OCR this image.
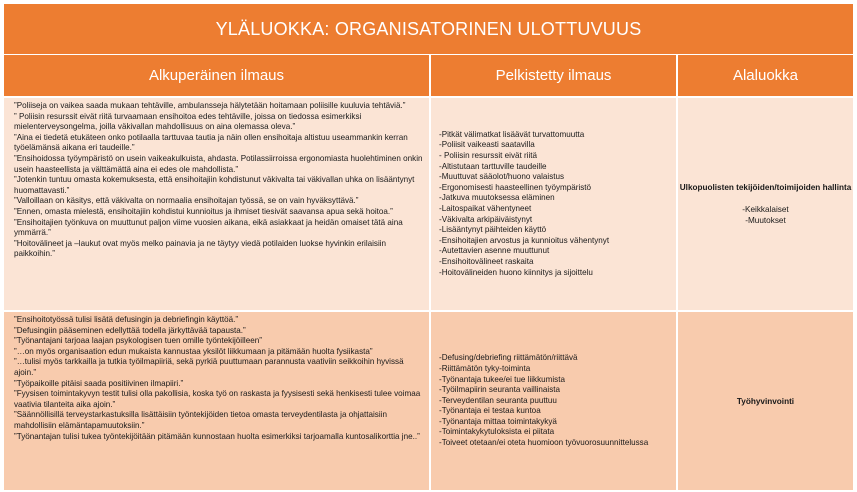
YLÄLUOKKA: ORGANISATORINEN ULOTTUVUUS
Alkuperäinen ilmaus	Pelkistetty ilmaus	Alaluokka

”Poliiseja on vaikea saada mukaan tehtäville, ambulansseja hälytetään hoitamaan poliisille kuuluvia tehtäviä.”

” Poliisin resurssit eivät riitä turvaamaan ensihoitoa edes tehtäville, joissa on tiedossa esimerkiksi mielenterveysongelma, joilla väkivallan mahdollisuus on aina olemassa oleva.”

”Aina ei tiedetä etukäteen onko potilaalla tarttuvaa tautia ja näin ollen ensihoitaja altistuu useammankin kerran työelämänsä aikana eri taudeille.”

”Ensihoidossa työympäristö on usein vaikeakulkuista, ahdasta. Potilassiirroissa ergonomiasta huolehtiminen onkin usein haasteellista ja välttämättä aina ei edes ole mahdollista.”

”Jotenkin tuntuu omasta kokemuksesta, että ensihoitajiin kohdistunut väkivalta tai väkivallan uhka on lisääntynyt huomattavasti.”

”Valloillaan on käsitys, että väkivalta on normaalia ensihoitajan työssä, se on vain hyväksyttävä.”

”Ennen, omasta mielestä, ensihoitajiin kohdistui kunnioitus ja ihmiset tiesivät saavansa apua sekä hoitoa.”

”Ensihoitajien työnkuva on muuttunut paljon viime vuosien aikana, eikä asiakkaat ja heidän omaiset tätä aina ymmärrä.”

”Hoitovälineet ja –laukut ovat myös melko painavia ja ne täytyy viedä potilaiden luokse hyvinkin erilaisiin paikkoihin.”

-Pitkät välimatkat lisäävät turvattomuutta
-Poliisit vaikeasti saatavilla
- Poliisin resurssit eivät riitä
-Altistutaan tarttuville taudeille
-Muuttuvat sääolot/huono valaistus
-Ergonomisesti haasteellinen työympäristö
-Jatkuva muutoksessa eläminen
-Laitospaikat vähentyneet
-Väkivalta arkipäiväistynyt
-Lisääntynyt päihteiden käyttö
-Ensihoitajien arvostus ja kunnioitus vähentynyt
-Autettavien asenne muuttunut
-Ensihoitovälineet raskaita
-Hoitovälineiden huono kiinnitys ja sijoittelu
Ulkopuolisten tekijöiden/toimijoiden hallinta
-Keikkalaiset
-Muutokset

”Ensihoitotyössä tulisi lisätä defusingin ja debriefingin käyttöä.”

”Defusingiin pääseminen edellyttää todella järkyttävää tapausta.”

”Työnantajani tarjoaa laajan psykologisen tuen omille työntekijöilleen”

”…on myös organisaation edun mukaista kannustaa yksilöt liikkumaan ja pitämään huolta fysiikasta”

”…tulisi myös tarkkailla ja tutkia työilmapiiriä, sekä pyrkiä puuttumaan parannusta vaativiin seikkoihin hyvissä ajoin.”

”Työpaikoille pitäisi saada positiivinen ilmapiiri.”

”Fyysisen toimintakyvyn testit tulisi olla pakollisia, koska työ on raskasta ja fyysisesti sekä henkisesti tulee voimaa vaativia tilanteita aika ajoin.”

”Säännöllisillä terveystarkastuksilla lisättäisiin työntekijöiden tietoa omasta terveydentilasta ja ohjattaisiin mahdollisiin elämäntapamuutoksiin.”

”Työnantajan tulisi tukea työntekijöitään pitämään kunnostaan huolta esimerkiksi tarjoamalla kuntosalikorttia jne..”

-Defusing/debriefing riittämätön/riittävä
-Riittämätön tyky-toiminta
-Työnantaja tukee/ei tue liikkumista
-Työilmapiirin seuranta vaillinaista
-Terveydentilan seuranta puuttuu
-Työnantaja ei testaa kuntoa
-Työnantaja mittaa toimintakykyä
-Toimintakykytuloksista ei piitata
-Toiveet otetaan/ei oteta huomioon työvuorosuunnittelussa
Työhyvinvointi
